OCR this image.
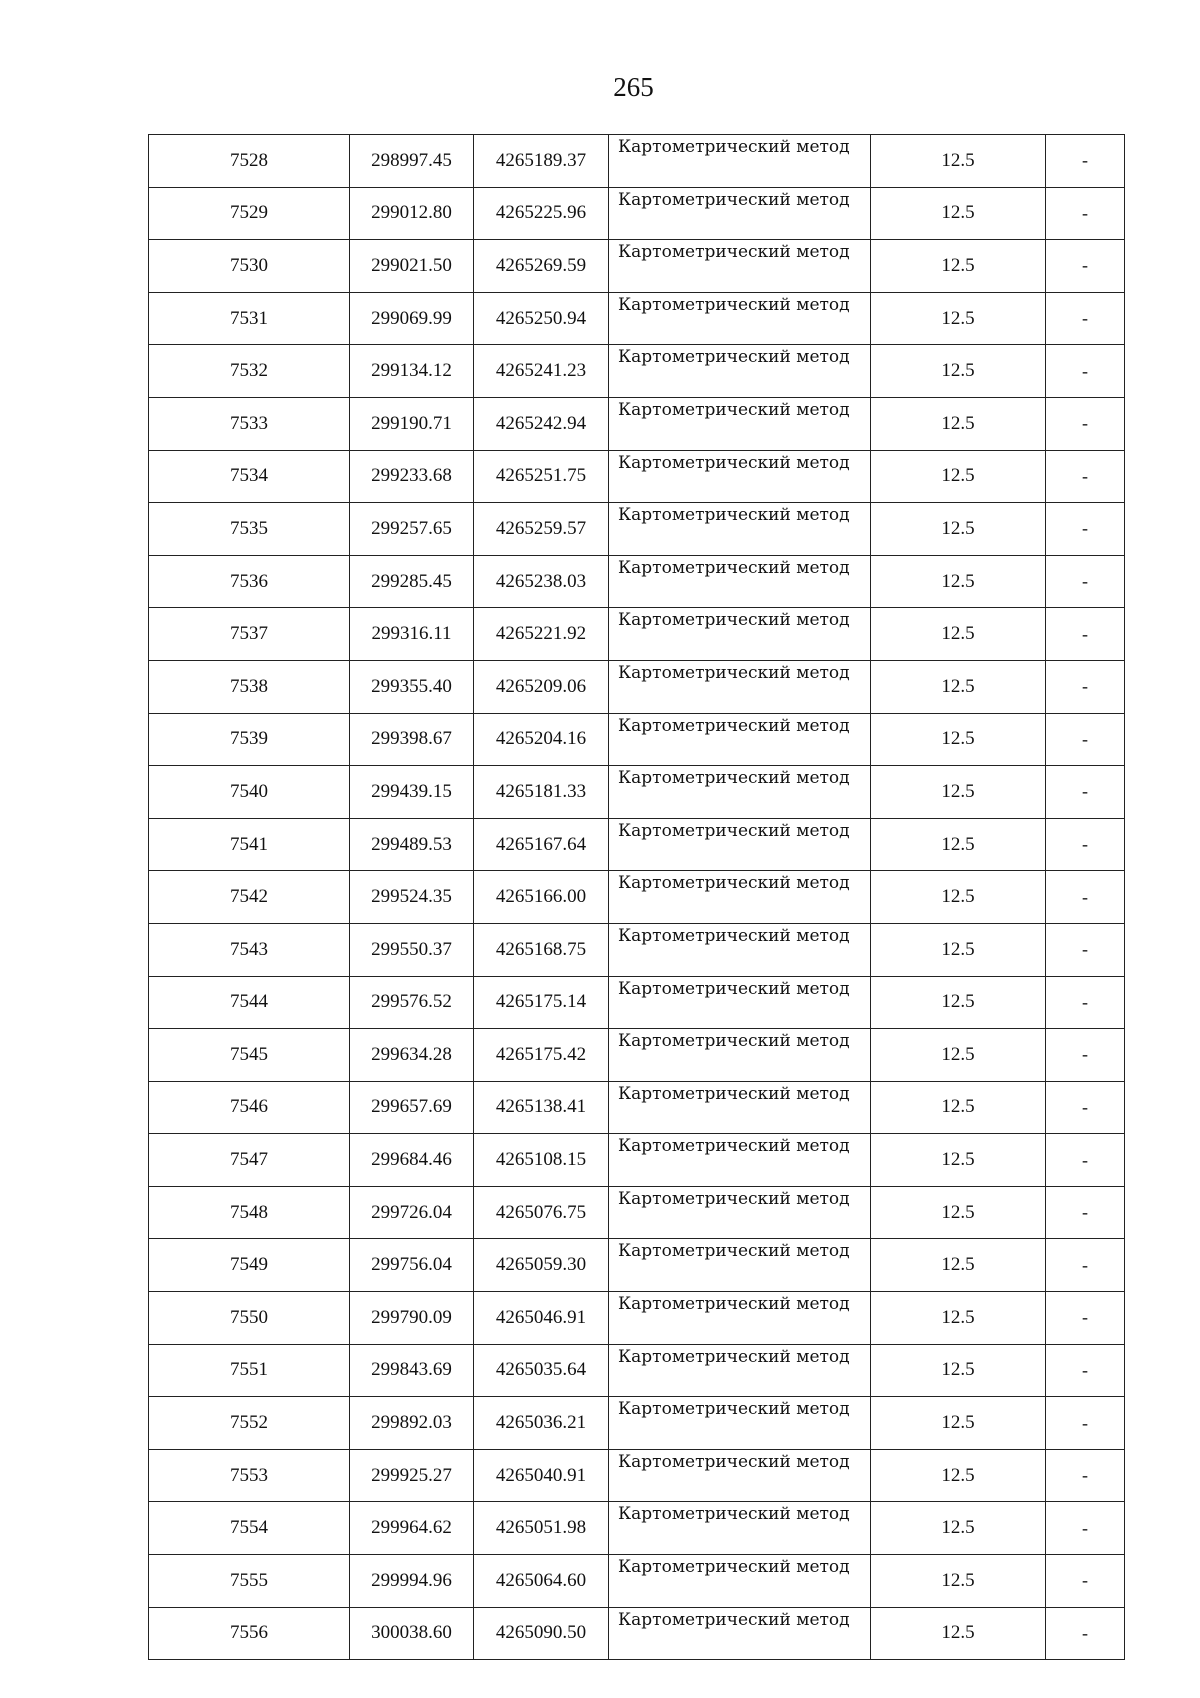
265
7528	298997.45	4265189.37	Картометрический метод	12.5	-
7529	299012.80	4265225.96	Картометрический метод	12.5	-
7530	299021.50	4265269.59	Картометрический метод	12.5	-
7531	299069.99	4265250.94	Картометрический метод	12.5	-
7532	299134.12	4265241.23	Картометрический метод	12.5	-
7533	299190.71	4265242.94	Картометрический метод	12.5	-
7534	299233.68	4265251.75	Картометрический метод	12.5	-
7535	299257.65	4265259.57	Картометрический метод	12.5	-
7536	299285.45	4265238.03	Картометрический метод	12.5	-
7537	299316.11	4265221.92	Картометрический метод	12.5	-
7538	299355.40	4265209.06	Картометрический метод	12.5	-
7539	299398.67	4265204.16	Картометрический метод	12.5	-
7540	299439.15	4265181.33	Картометрический метод	12.5	-
7541	299489.53	4265167.64	Картометрический метод	12.5	-
7542	299524.35	4265166.00	Картометрический метод	12.5	-
7543	299550.37	4265168.75	Картометрический метод	12.5	-
7544	299576.52	4265175.14	Картометрический метод	12.5	-
7545	299634.28	4265175.42	Картометрический метод	12.5	-
7546	299657.69	4265138.41	Картометрический метод	12.5	-
7547	299684.46	4265108.15	Картометрический метод	12.5	-
7548	299726.04	4265076.75	Картометрический метод	12.5	-
7549	299756.04	4265059.30	Картометрический метод	12.5	-
7550	299790.09	4265046.91	Картометрический метод	12.5	-
7551	299843.69	4265035.64	Картометрический метод	12.5	-
7552	299892.03	4265036.21	Картометрический метод	12.5	-
7553	299925.27	4265040.91	Картометрический метод	12.5	-
7554	299964.62	4265051.98	Картометрический метод	12.5	-
7555	299994.96	4265064.60	Картометрический метод	12.5	-
7556	300038.60	4265090.50	Картометрический метод	12.5	-
